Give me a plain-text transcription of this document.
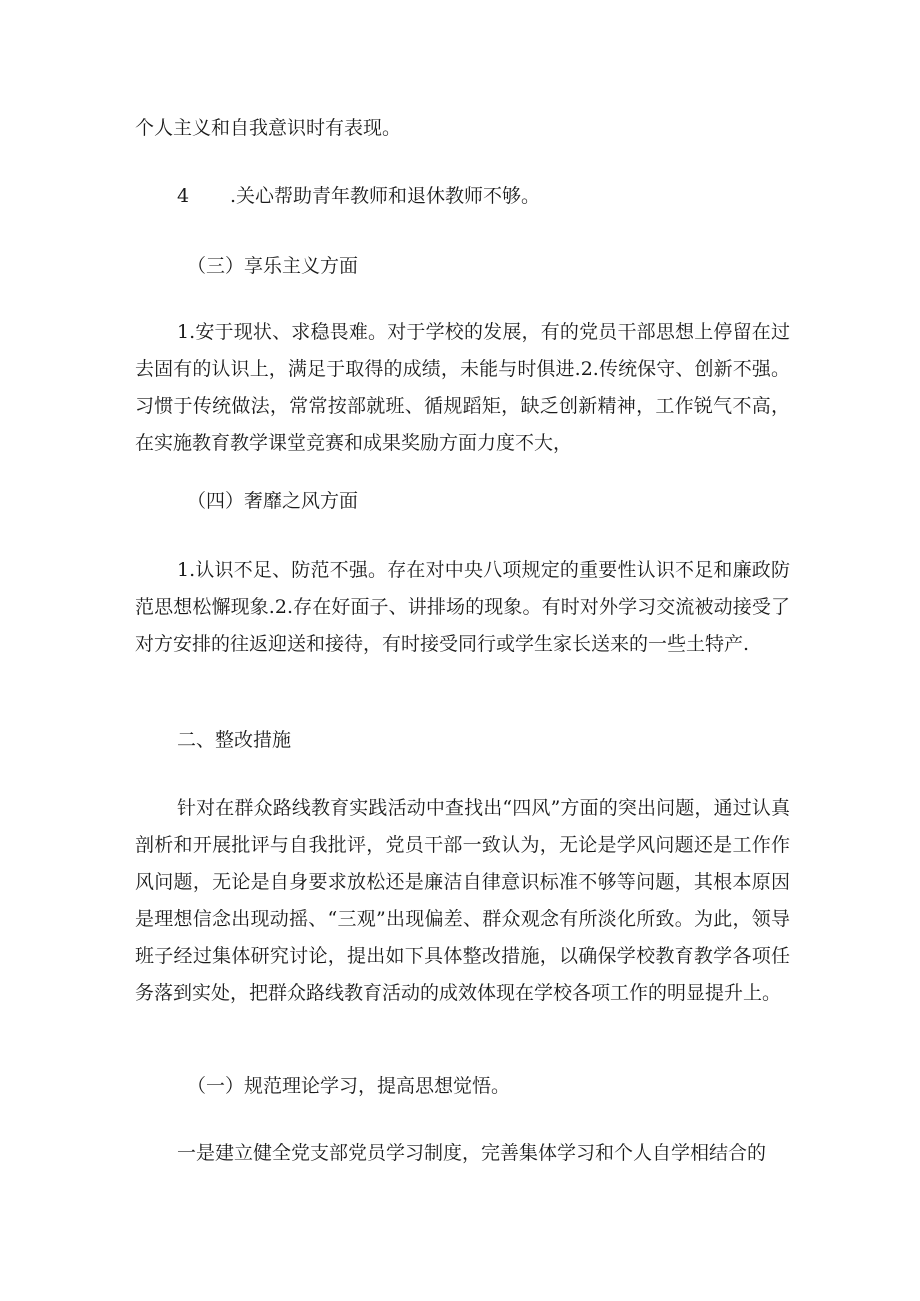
个人主义和自我意识时有表现。

4 .关心帮助青年教师和退休教师不够。

（三）享乐主义方面

1.安于现状、求稳畏难。对于学校的发展，有的党员干部思想上停留在过去固有的认识上，满足于取得的成绩，未能与时俱进.2.传统保守、创新不强。习惯于传统做法，常常按部就班、循规蹈矩，缺乏创新精神，工作锐气不高，在实施教育教学课堂竞赛和成果奖励方面力度不大，

（四）奢靡之风方面

1.认识不足、防范不强。存在对中央八项规定的重要性认识不足和廉政防范思想松懈现象.2.存在好面子、讲排场的现象。有时对外学习交流被动接受了对方安排的往返迎送和接待，有时接受同行或学生家长送来的一些土特产.

二、整改措施

针对在群众路线教育实践活动中查找出“四风”方面的突出问题，通过认真剖析和开展批评与自我批评，党员干部一致认为，无论是学风问题还是工作作风问题，无论是自身要求放松还是廉洁自律意识标准不够等问题，其根本原因是理想信念出现动摇、“三观”出现偏差、群众观念有所淡化所致。为此，领导班子经过集体研究讨论，提出如下具体整改措施，以确保学校教育教学各项任务落到实处，把群众路线教育活动的成效体现在学校各项工作的明显提升上。

（一）规范理论学习，提高思想觉悟。

一是建立健全党支部党员学习制度，完善集体学习和个人自学相结合的
